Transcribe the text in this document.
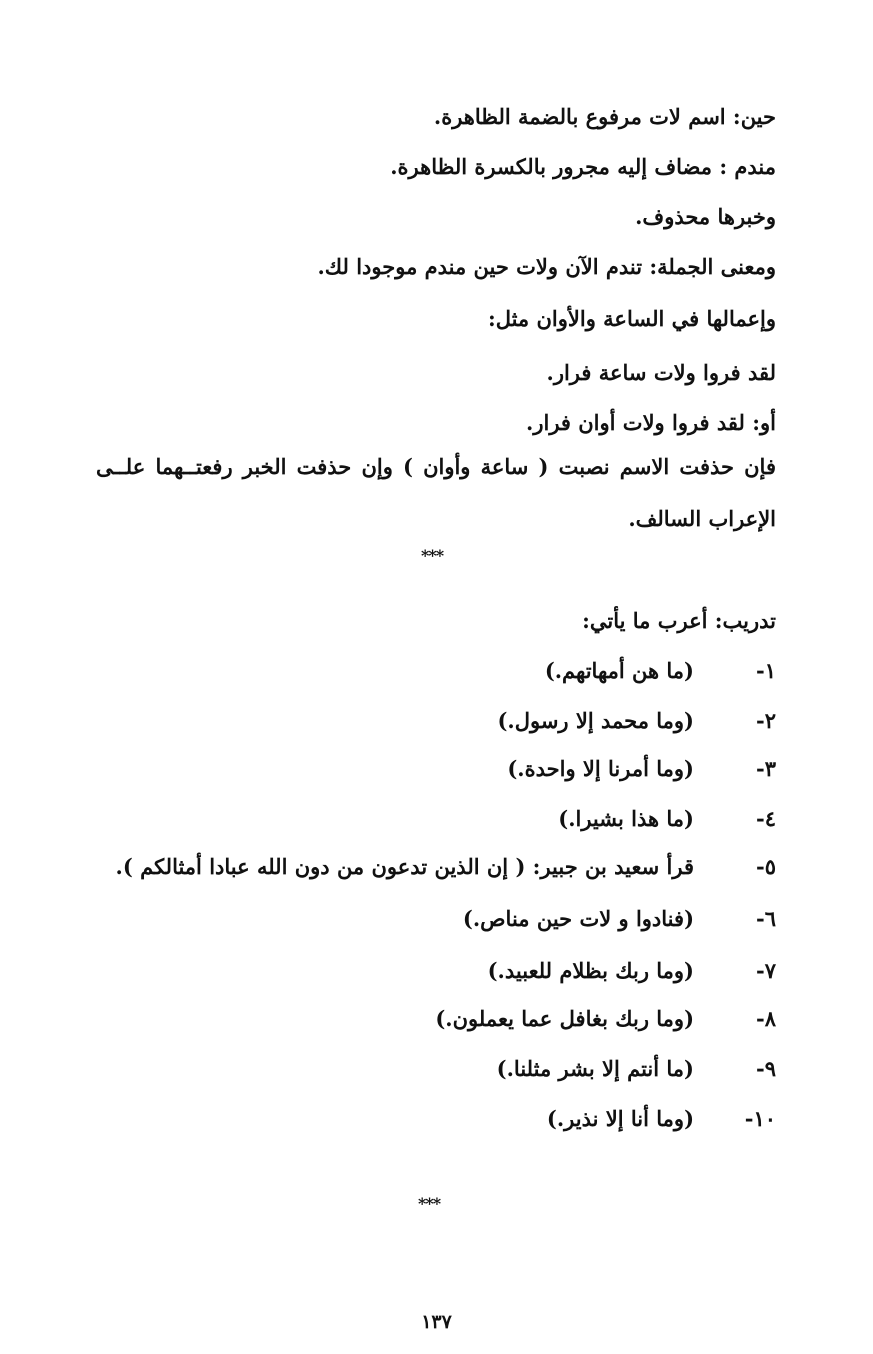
حين: اسم لات مرفوع بالضمة الظاهرة.
مندم : مضاف إليه مجرور بالكسرة الظاهرة.
وخبرها محذوف.
ومعنى الجملة: تندم الآن ولات حين مندم موجودا لك.
وإعمالها في الساعة والأوان مثل:
لقد فروا ولات ساعة فرار.
أو: لقد فروا ولات أوان فرار.
فإن حذفت الاسم نصبت ( ساعة وأوان ) وإن حذفت الخبر رفعتــهما علــى
الإعراب السالف.
***
تدريب: أعرب ما يأتي:
١-
(ما هن أمهاتهم.)
٢-
(وما محمد إلا رسول.)
٣-
(وما أمرنا إلا واحدة.)
٤-
(ما هذا بشيرا.)
٥-
قرأ سعيد بن جبير: ( إن الذين تدعون من دون الله عبادا أمثالكم ).
٦-
(فنادوا و لات حين مناص.)
٧-
(وما ربك بظلام للعبيد.)
٨-
(وما ربك بغافل عما يعملون.)
٩-
(ما أنتم إلا بشر مثلنا.)
١٠-
(وما أنا إلا نذير.)
***
١٣٧
